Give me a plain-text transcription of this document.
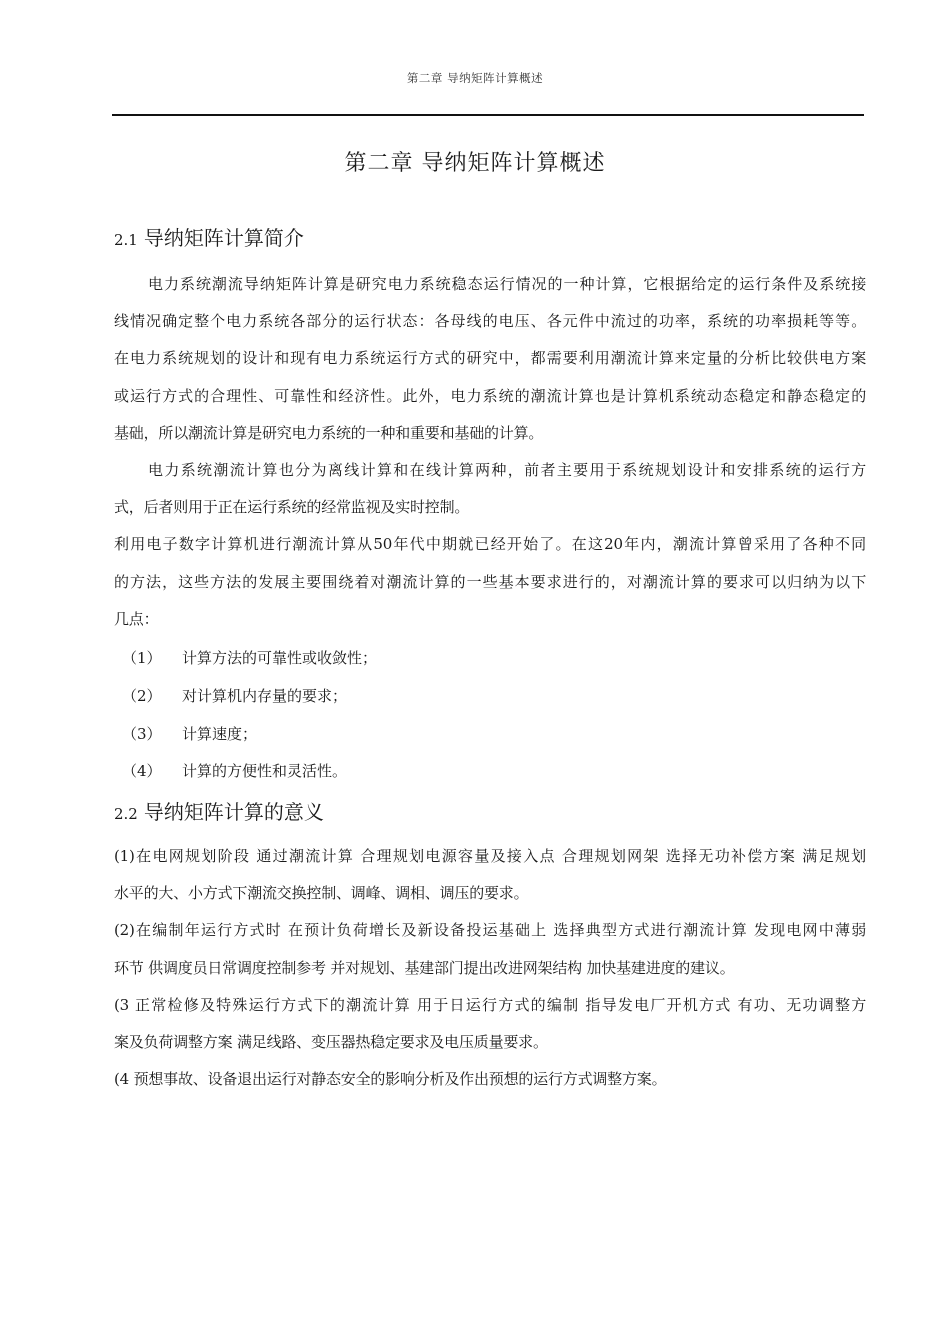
第二章 导纳矩阵计算概述
第二章 导纳矩阵计算概述
2.1 导纳矩阵计算简介
电力系统潮流导纳矩阵计算是研究电力系统稳态运行情况的一种计算，它根据给定的运行条件及系统接
线情况确定整个电力系统各部分的运行状态：各母线的电压、各元件中流过的功率，系统的功率损耗等等。
在电力系统规划的设计和现有电力系统运行方式的研究中，都需要利用潮流计算来定量的分析比较供电方案
或运行方式的合理性、可靠性和经济性。此外，电力系统的潮流计算也是计算机系统动态稳定和静态稳定的
基础，所以潮流计算是研究电力系统的一种和重要和基础的计算。
电力系统潮流计算也分为离线计算和在线计算两种，前者主要用于系统规划设计和安排系统的运行方
式，后者则用于正在运行系统的经常监视及实时控制。
利用电子数字计算机进行潮流计算从50年代中期就已经开始了。在这20年内，潮流计算曾采用了各种不同
的方法，这些方法的发展主要围绕着对潮流计算的一些基本要求进行的，对潮流计算的要求可以归纳为以下
几点：
（1）	计算方法的可靠性或收敛性；
（2）	对计算机内存量的要求；
（3）	计算速度；
（4）	计算的方便性和灵活性。
2.2 导纳矩阵计算的意义
(1)在电网规划阶段 通过潮流计算 合理规划电源容量及接入点 合理规划网架 选择无功补偿方案 满足规划
水平的大、小方式下潮流交换控制、调峰、调相、调压的要求。
(2)在编制年运行方式时 在预计负荷增长及新设备投运基础上 选择典型方式进行潮流计算 发现电网中薄弱
环节 供调度员日常调度控制参考 并对规划、基建部门提出改进网架结构 加快基建进度的建议。
(3 正常检修及特殊运行方式下的潮流计算 用于日运行方式的编制 指导发电厂开机方式 有功、无功调整方
案及负荷调整方案 满足线路、变压器热稳定要求及电压质量要求。
(4 预想事故、设备退出运行对静态安全的影响分析及作出预想的运行方式调整方案。
